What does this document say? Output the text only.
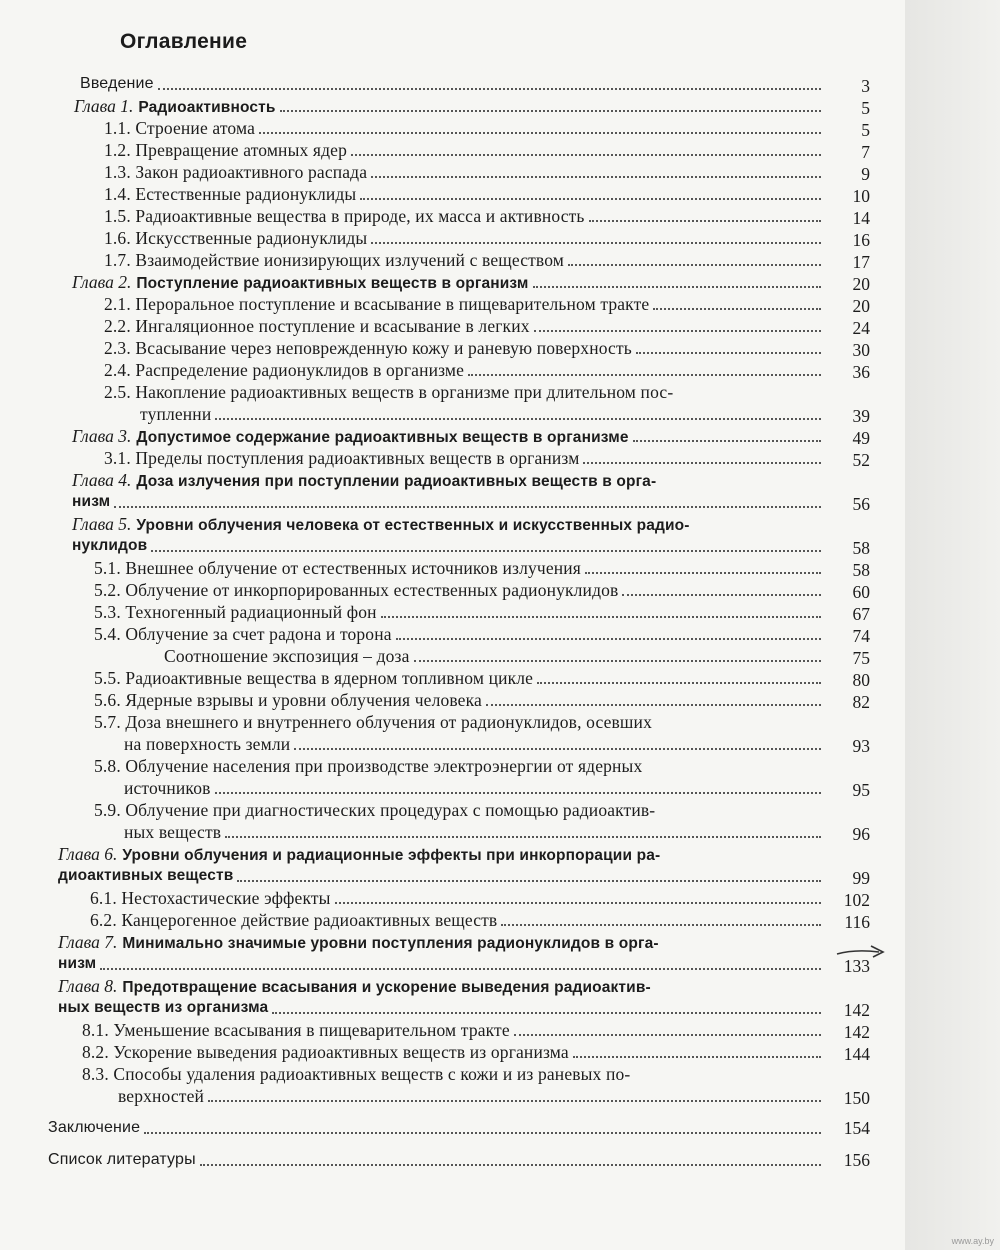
Оглавление
Введение	3
Глава 1. Радиоактивность	5
1.1. Строение атома	5
1.2. Превращение атомных ядер	7
1.3. Закон радиоактивного распада	9
1.4. Естественные радионуклиды	10
1.5. Радиоактивные вещества в природе, их масса и активность	14
1.6. Искусственные радионуклиды	16
1.7. Взаимодействие ионизирующих излучений с веществом	17
Глава 2. Поступление радиоактивных веществ в организм	20
2.1. Пероральное поступление и всасывание в пищеварительном тракте	20
2.2. Ингаляционное поступление и всасывание в легких	24
2.3. Всасывание через неповрежденную кожу и раневую поверхность	30
2.4. Распределение радионуклидов в организме	36
2.5. Накопление радиоактивных веществ в организме при длительном пос-
тупленни	39
Глава 3. Допустимое содержание радиоактивных веществ в организме	49
3.1. Пределы поступления радиоактивных веществ в организм	52
Глава 4. Доза излучения при поступлении радиоактивных веществ в орга-
низм	56
Глава 5. Уровни облучения человека от естественных и искусственных радио-
нуклидов	58
5.1. Внешнее облучение от естественных источников излучения	58
5.2. Облучение от инкорпорированных естественных радионуклидов	60
5.3. Техногенный радиационный фон	67
5.4. Облучение за счет радона и торона	74
Соотношение экспозиция – доза	75
5.5. Радиоактивные вещества в ядерном топливном цикле	80
5.6. Ядерные взрывы и уровни облучения человека	82
5.7. Доза внешнего и внутреннего облучения от радионуклидов, осевших
на поверхность земли	93
5.8. Облучение населения при производстве электроэнергии от ядерных
источников	95
5.9. Облучение при диагностических процедурах с помощью радиоактив-
ных веществ	96
Глава 6. Уровни облучения и радиационные эффекты при инкорпорации ра-
диоактивных веществ	99
6.1. Нестохастические эффекты	102
6.2. Канцерогенное действие радиоактивных веществ	116
Глава 7. Минимально значимые уровни поступления радионуклидов в орга-
низм	133
Глава 8. Предотвращение всасывания и ускорение выведения радиоактив-
ных веществ из организма	142
8.1. Уменьшение всасывания в пищеварительном тракте	142
8.2. Ускорение выведения радиоактивных веществ из организма	144
8.3. Способы удаления радиоактивных веществ с кожи и из раневых по-
верхностей	150
Заключение	154
Список литературы	156
www.ay.by
